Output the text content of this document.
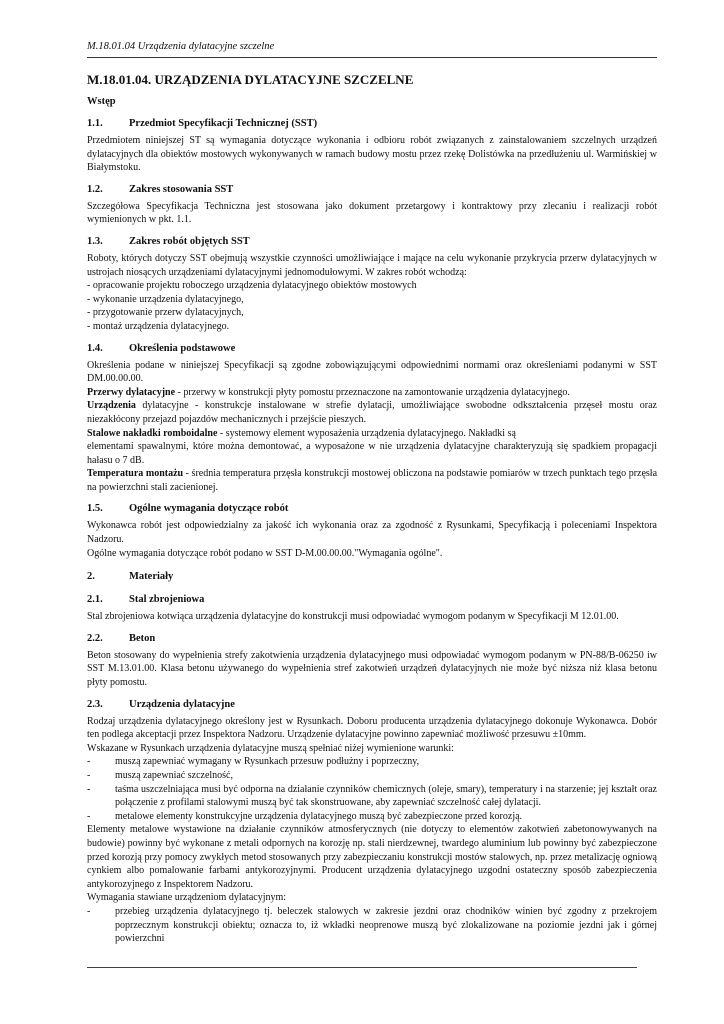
M.18.01.04 Urządzenia dylatacyjne szczelne
M.18.01.04. URZĄDZENIA DYLATACYJNE SZCZELNE
Wstęp
1.1.	Przedmiot Specyfikacji Technicznej (SST)

Przedmiotem niniejszej ST są wymagania dotyczące wykonania i odbioru robót związanych z zainstalowaniem szczelnych urządzeń dylatacyjnych dla obiektów mostowych wykonywanych w ramach budowy mostu przez rzekę Dolistówka na przedłużeniu ul. Warmińskiej w Białymstoku.

1.2.	Zakres stosowania SST

Szczegółowa Specyfikacja Techniczna jest stosowana jako dokument przetargowy i kontraktowy przy zlecaniu i realizacji robót wymienionych w pkt. 1.1.

1.3.	Zakres robót objętych SST

Roboty, których dotyczy SST obejmują wszystkie czynności umożliwiające i mające na celu wykonanie przykrycia przerw dylatacyjnych w ustrojach niosących urządzeniami dylatacyjnymi jednomodułowymi. W zakres robót wchodzą:

- opracowanie projektu roboczego urządzenia dylatacyjnego obiektów mostowych
- wykonanie urządzenia dylatacyjnego,
- przygotowanie przerw dylatacyjnych,
- montaż urządzenia dylatacyjnego.
1.4.	Określenia podstawowe

Określenia podane w niniejszej Specyfikacji są zgodne zobowiązującymi odpowiednimi normami oraz określeniami podanymi w SST DM.00.00.00.

Przerwy dylatacyjne - przerwy w konstrukcji płyty pomostu przeznaczone na zamontowanie urządzenia dylatacyjnego.

Urządzenia dylatacyjne - konstrukcje instalowane w strefie dylatacji, umożliwiające swobodne odkształcenia przęseł mostu oraz niezakłócony przejazd pojazdów mechanicznych i przejście pieszych.

Stalowe nakładki romboidalne - systemowy element wyposażenia urządzenia dylatacyjnego. Nakładki są

elementami spawalnymi, które można demontować, a wyposażone w nie urządzenia dylatacyjne charakteryzują się spadkiem propagacji hałasu o 7 dB.

Temperatura montażu - średnia temperatura przęsła konstrukcji mostowej obliczona na podstawie pomiarów w trzech punktach tego przęsła na powierzchni stali zacienionej.

1.5.	Ogólne wymagania dotyczące robót

Wykonawca robót jest odpowiedzialny za jakość ich wykonania oraz za zgodność z Rysunkami, Specyfikacją i poleceniami Inspektora Nadzoru.

Ogólne wymagania dotyczące robót podano w SST D-M.00.00.00."Wymagania ogólne".

2.	Materiały
2.1.	Stal zbrojeniowa

Stal zbrojeniowa kotwiąca urządzenia dylatacyjne do konstrukcji musi odpowiadać wymogom podanym w Specyfikacji M 12.01.00.

2.2.	Beton

Beton stosowany do wypełnienia strefy zakotwienia urządzenia dylatacyjnego musi odpowiadać wymogom podanym w PN-88/B-06250 iw SST M.13.01.00. Klasa betonu używanego do wypełnienia stref zakotwień urządzeń dylatacyjnych nie może być niższa niż klasa betonu płyty pomostu.

2.3.	Urządzenia dylatacyjne

Rodzaj urządzenia dylatacyjnego określony jest w Rysunkach. Doboru producenta urządzenia dylatacyjnego dokonuje Wykonawca. Dobór ten podlega akceptacji przez Inspektora Nadzoru. Urządzenie dylatacyjne powinno zapewniać możliwość przesuwu ±10mm.

Wskazane w Rysunkach urządzenia dylatacyjne muszą spełniać niżej wymienione warunki:

-	muszą zapewniać wymagany w Rysunkach przesuw podłużny i poprzeczny,
-	muszą zapewniać szczelność,
-	taśma uszczelniająca musi być odporna na działanie czynników chemicznych (oleje, smary), temperatury i na starzenie; jej kształt oraz połączenie z profilami stalowymi muszą być tak skonstruowane, aby zapewniać szczelność całej dylatacji.
-	metalowe elementy konstrukcyjne urządzenia dylatacyjnego muszą być zabezpieczone przed korozją.

Elementy metalowe wystawione na działanie czynników atmosferycznych (nie dotyczy to elementów zakotwień zabetonowywanych na budowie) powinny być wykonane z metali odpornych na korozję np. stali nierdzewnej, twardego aluminium lub powinny być zabezpieczone przed korozją przy pomocy zwykłych metod stosowanych przy zabezpieczaniu konstrukcji mostów stalowych, np. przez metalizację ogniową cynkiem albo pomalowanie farbami antykorozyjnymi. Producent urządzenia dylatacyjnego uzgodni ostateczny sposób zabezpieczenia antykorozyjnego z Inspektorem Nadzoru.

Wymagania stawiane urządzeniom dylatacyjnym:

-	przebieg urządzenia dylatacyjnego tj. beleczek stalowych w zakresie jezdni oraz chodników winien być zgodny z przekrojem poprzecznym konstrukcji obiektu; oznacza to, iż wkładki neoprenowe muszą być zlokalizowane na poziomie jezdni jak i górnej powierzchni
